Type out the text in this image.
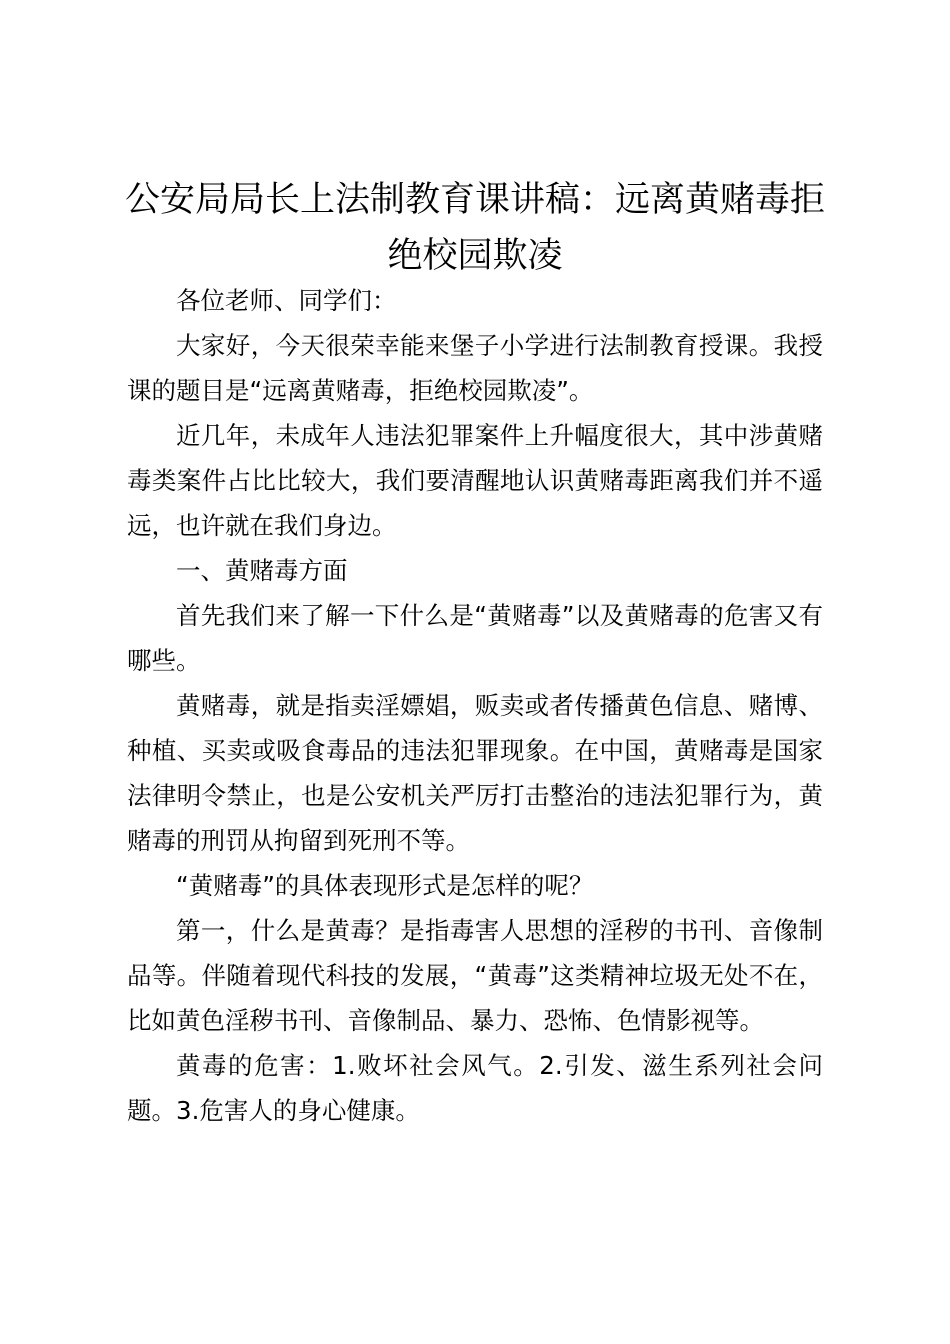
公安局局长上法制教育课讲稿：远离黄赌毒拒绝校园欺凌

各位老师、同学们：

大家好，今天很荣幸能来堡子小学进行法制教育授课。我授课的题目是“远离黄赌毒，拒绝校园欺凌”。

近几年，未成年人违法犯罪案件上升幅度很大，其中涉黄赌毒类案件占比比较大，我们要清醒地认识黄赌毒距离我们并不遥远，也许就在我们身边。

一、黄赌毒方面

首先我们来了解一下什么是“黄赌毒”以及黄赌毒的危害又有哪些。

黄赌毒，就是指卖淫嫖娼，贩卖或者传播黄色信息、赌博、种植、买卖或吸食毒品的违法犯罪现象。在中国，黄赌毒是国家法律明令禁止，也是公安机关严厉打击整治的违法犯罪行为，黄赌毒的刑罚从拘留到死刑不等。

“黄赌毒”的具体表现形式是怎样的呢？

第一，什么是黄毒？是指毒害人思想的淫秽的书刊、音像制品等。伴随着现代科技的发展，“黄毒”这类精神垃圾无处不在，比如黄色淫秽书刊、音像制品、暴力、恐怖、色情影视等。

黄毒的危害：1.败坏社会风气。2.引发、滋生系列社会问题。3.危害人的身心健康。
